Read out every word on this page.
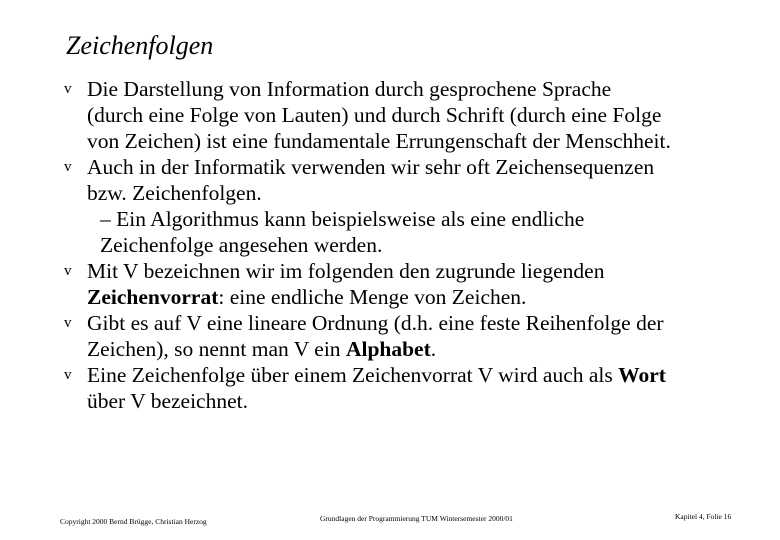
Zeichenfolgen
v Die Darstellung von Information durch gesprochene Sprache
(durch eine Folge von Lauten) und durch Schrift (durch eine Folge
von Zeichen) ist eine fundamentale Errungenschaft der Menschheit.
v Auch in der Informatik verwenden wir sehr oft Zeichensequenzen
bzw. Zeichenfolgen.
– Ein Algorithmus kann beispielsweise als eine endliche
Zeichenfolge angesehen werden.
v Mit V bezeichnen wir im folgenden den zugrunde liegenden
Zeichenvorrat: eine endliche Menge von Zeichen.
v Gibt es auf V eine lineare Ordnung (d.h. eine feste Reihenfolge der
Zeichen), so nennt man V ein Alphabet.
v Eine Zeichenfolge über einem Zeichenvorrat V wird auch als Wort
über V bezeichnet.
Copyright 2000 Bernd Brügge, Christian Herzog	Grundlagen der Programmierung TUM Wintersemester 2000/01	Kapitel 4, Folie 16
